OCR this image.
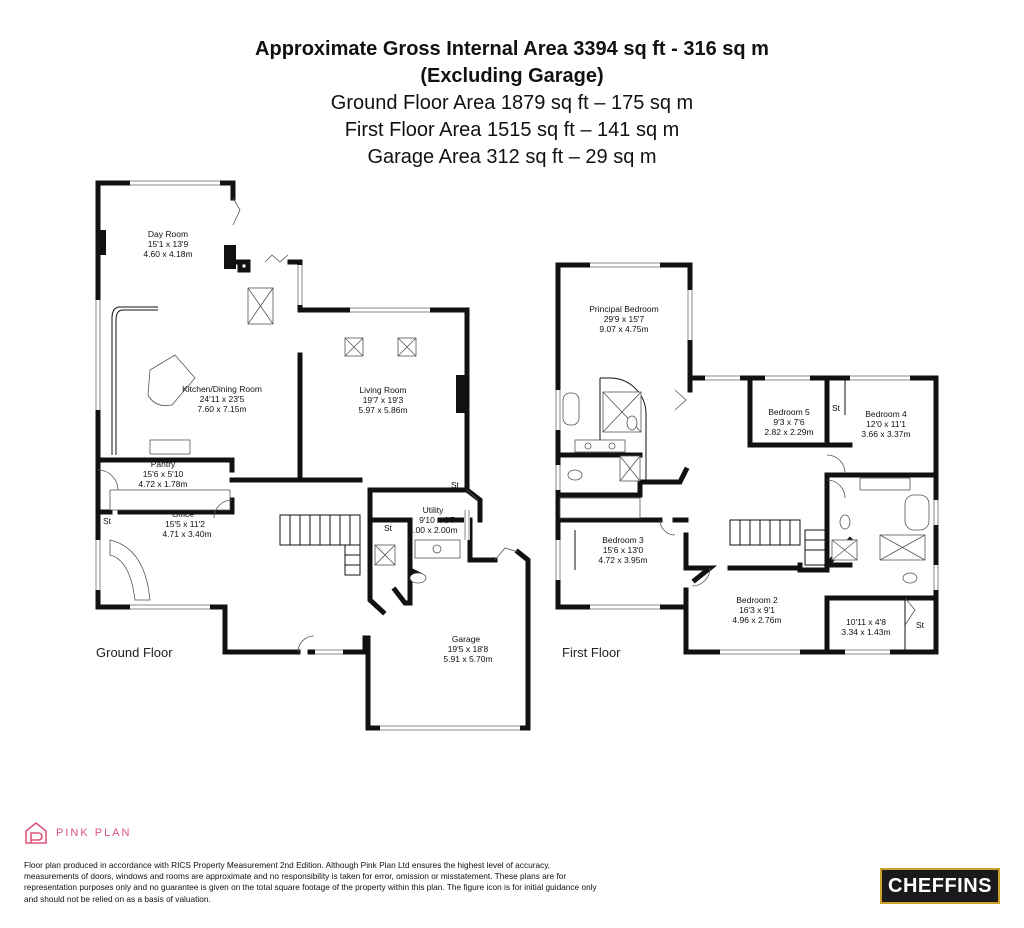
Approximate Gross Internal Area 3394 sq ft - 316 sq m
(Excluding Garage)
Ground Floor Area 1879 sq ft – 175 sq m
First Floor Area 1515 sq ft – 141 sq m
Garage Area 312 sq ft – 29 sq m
Day Room
15'1 x 13'9
4.60 x 4.18m
Kitchen/Dining Room
24'11 x 23'5
7.60 x 7.15m
Living Room
19'7 x 19'3
5.97 x 5.86m
Pantry
15'6 x 5'10
4.72 x 1.78m
Utility
9'10 x 6'7
3.00 x 2.00m
Office
15'5 x 11'2
4.71 x 3.40m
Garage
19'5 x 18'8
5.91 x 5.70m
St
St
St
Ground Floor
Principal Bedroom
29'9 x 15'7
9.07 x 4.75m
Bedroom 5
9'3 x 7'6
2.82 x 2.29m
Bedroom 4
12'0 x 11'1
3.66 x 3.37m
Bedroom 3
15'6 x 13'0
4.72 x 3.95m
Bedroom 2
16'3 x 9'1
4.96 x 2.76m	10'11 x 4'8
3.34 x 1.43m
St
St
First Floor
PINK PLAN
Floor plan produced in accordance with RICS Property Measurement 2nd Edition. Although Pink Plan Ltd ensures the highest level of accuracy, measurements of doors, windows and rooms are approximate and no responsibility is taken for error, omission or misstatement. These plans are for representation purposes only and no guarantee is given on the total square footage of the property within this plan. The figure icon is for initial guidance only and should not be relied on as a basis of valuation.
CHEFFINS
